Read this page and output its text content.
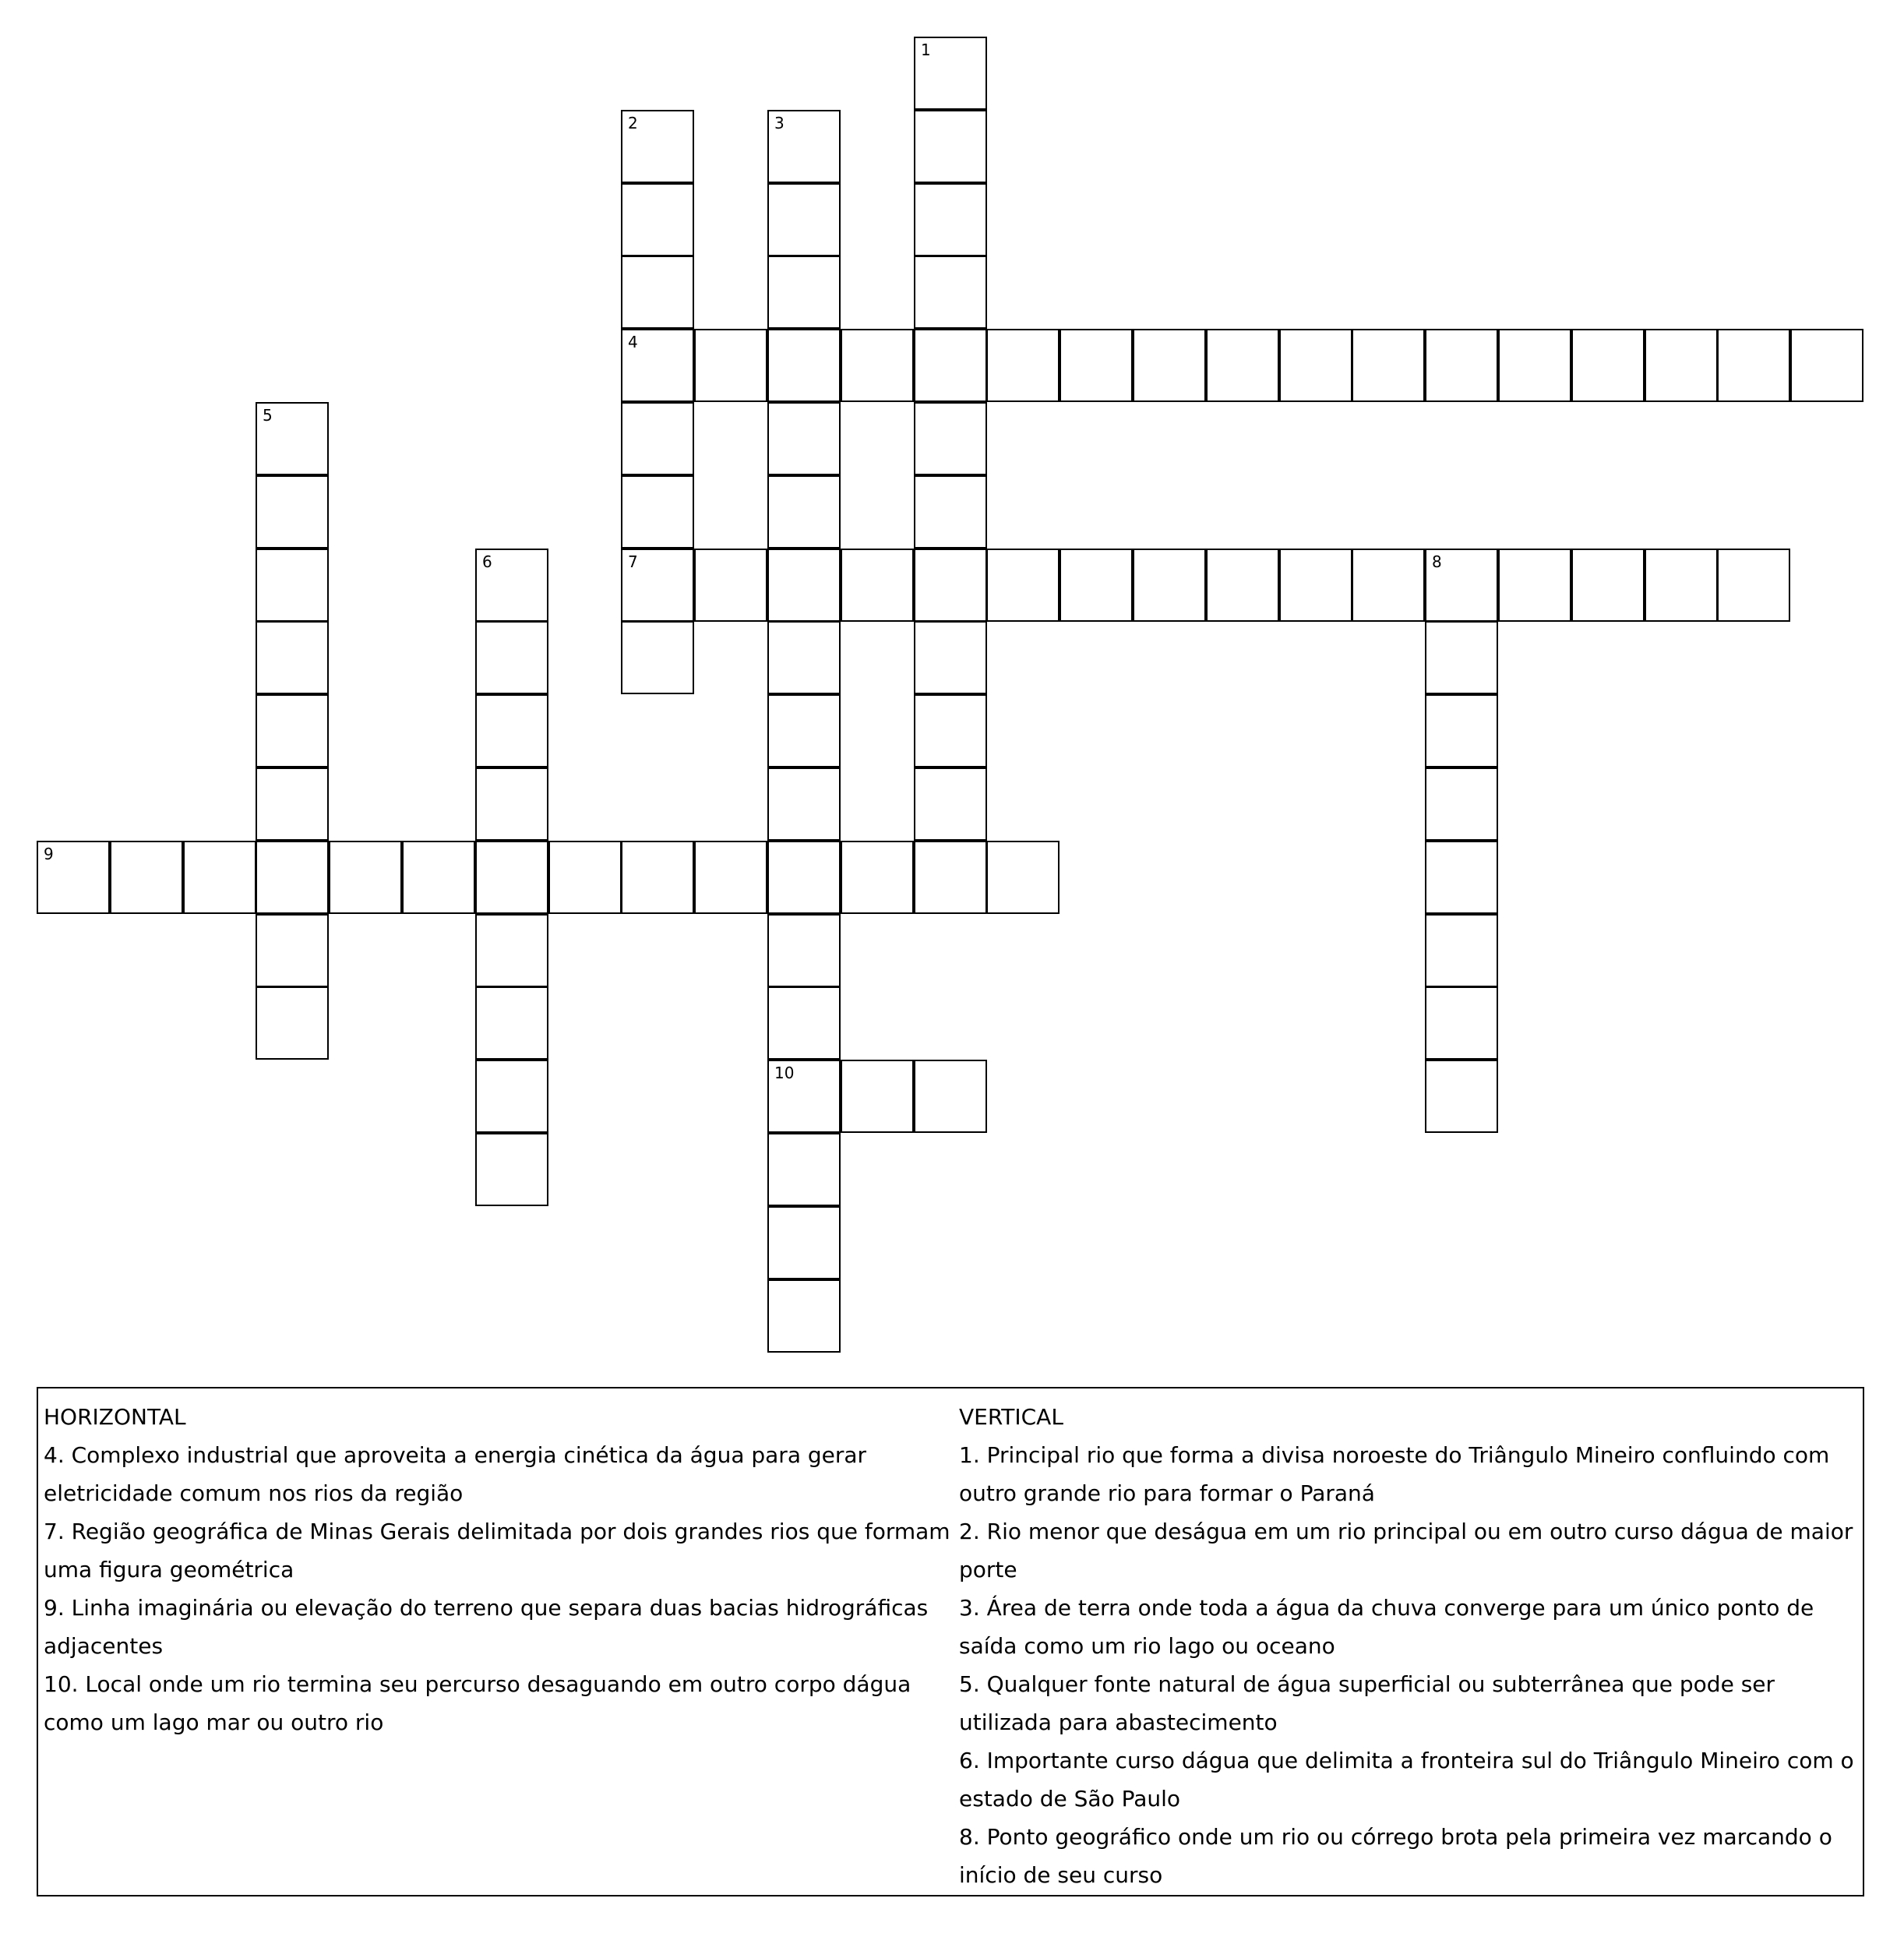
1
2
4
7
3
10
5
6	8
9
HORIZONTAL
4. Complexo industrial que aproveita a energia cinética da água para gerar eletricidade comum nos rios da região
7. Região geográfica de Minas Gerais delimitada por dois grandes rios que formam uma figura geométrica
9. Linha imaginária ou elevação do terreno que separa duas bacias hidrográficas adjacentes
10. Local onde um rio termina seu percurso desaguando em outro corpo dágua como um lago mar ou outro rio
VERTICAL
1. Principal rio que forma a divisa noroeste do Triângulo Mineiro confluindo com outro grande rio para formar o Paraná
2. Rio menor que deságua em um rio principal ou em outro curso dágua de maior porte
3. Área de terra onde toda a água da chuva converge para um único ponto de saída como um rio lago ou oceano
5. Qualquer fonte natural de água superficial ou subterrânea que pode ser utilizada para abastecimento
6. Importante curso dágua que delimita a fronteira sul do Triângulo Mineiro com o estado de São Paulo
8. Ponto geográfico onde um rio ou córrego brota pela primeira vez marcando o início de seu curso
